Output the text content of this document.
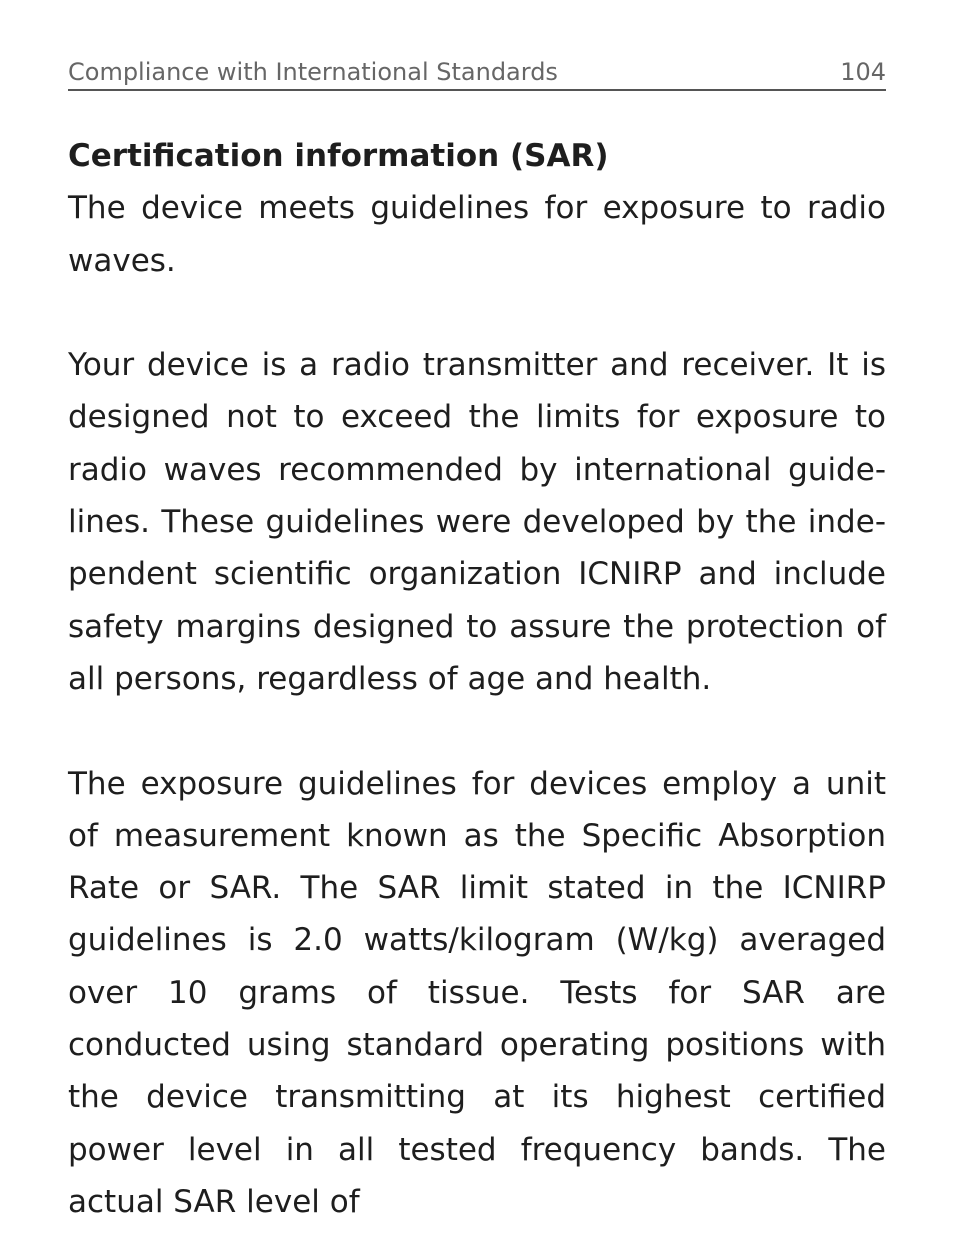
Compliance with International Standards	104

Certification information (SAR)

The device meets guidelines for exposure to radio waves.

Your device is a radio transmitter and receiver. It is designed not to exceed the limits for exposure to radio waves recommended by international guidelines. These guidelines were developed by the independent scientific organization ICNIRP and include safety margins designed to assure the protection of all persons, regardless of age and health.

The exposure guidelines for devices employ a unit of measurement known as the Specific Absorption Rate or SAR. The SAR limit stated in the ICNIRP guidelines is 2.0 watts/kilogram (W/kg) averaged over 10 grams of tissue. Tests for SAR are conducted using standard operating positions with the device transmitting at its highest certified power level in all tested frequency bands. The actual SAR level of
